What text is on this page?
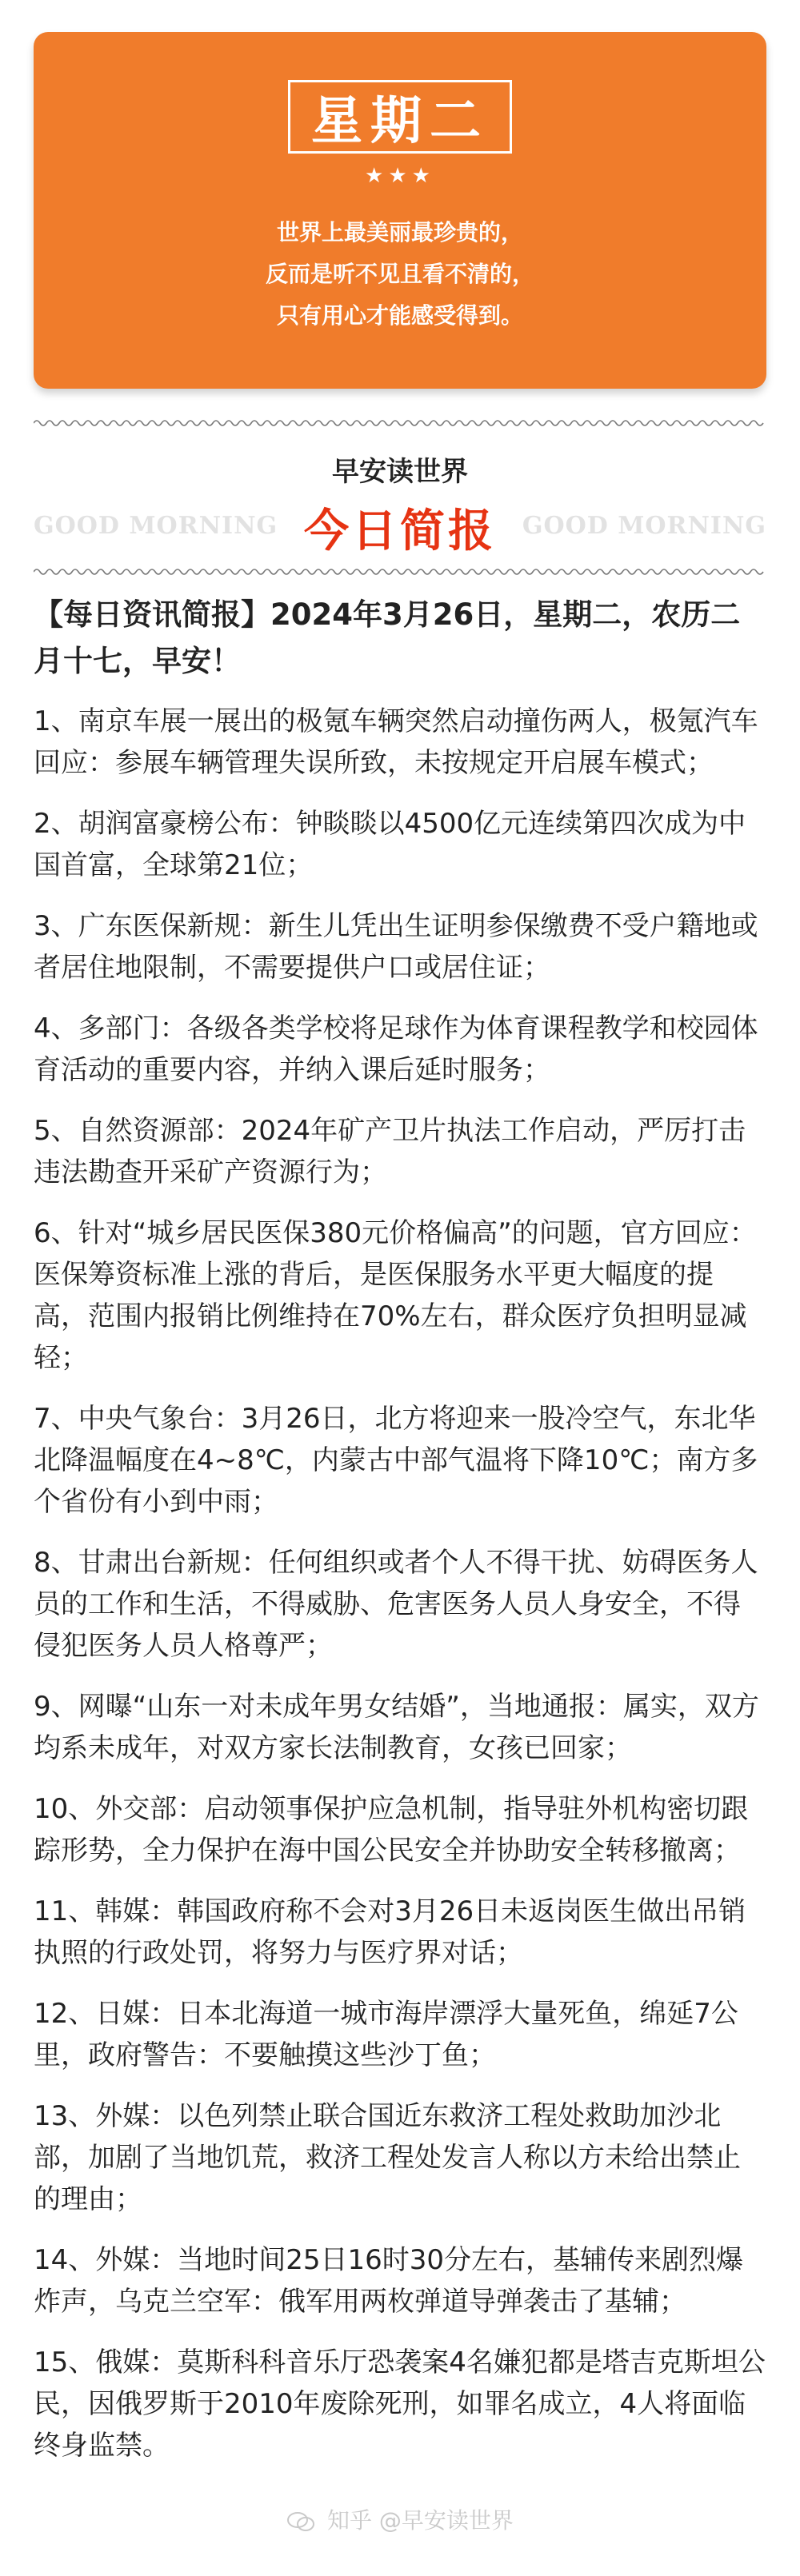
星期二
★★★
世界上最美丽最珍贵的，
反而是听不见且看不清的，
只有用心才能感受得到。
早安读世界
GOOD MORNING 今日简报	GOOD MORNING

【每日资讯简报】2024年3月26日，星期二，农历二月十七，早安！

1、南京车展一展出的极氪车辆突然启动撞伤两人，极氪汽车回应：参展车辆管理失误所致，未按规定开启展车模式；

2、胡润富豪榜公布：钟睒睒以4500亿元连续第四次成为中国首富，全球第21位；

3、广东医保新规：新生儿凭出生证明参保缴费不受户籍地或者居住地限制，不需要提供户口或居住证；

4、多部门：各级各类学校将足球作为体育课程教学和校园体育活动的重要内容，并纳入课后延时服务；

5、自然资源部：2024年矿产卫片执法工作启动，严厉打击违法勘查开采矿产资源行为；

6、针对“城乡居民医保380元价格偏高”的问题，官方回应：医保筹资标准上涨的背后，是医保服务水平更大幅度的提高，范围内报销比例维持在70%左右，群众医疗负担明显减轻；

7、中央气象台：3月26日，北方将迎来一股冷空气，东北华北降温幅度在4~8℃，内蒙古中部气温将下降10℃；南方多个省份有小到中雨；

8、甘肃出台新规：任何组织或者个人不得干扰、妨碍医务人员的工作和生活，不得威胁、危害医务人员人身安全，不得侵犯医务人员人格尊严；

9、网曝“山东一对未成年男女结婚”，当地通报：属实，双方均系未成年，对双方家长法制教育，女孩已回家；

10、外交部：启动领事保护应急机制，指导驻外机构密切跟踪形势，全力保护在海中国公民安全并协助安全转移撤离；

11、韩媒：韩国政府称不会对3月26日未返岗医生做出吊销执照的行政处罚，将努力与医疗界对话；

12、日媒：日本北海道一城市海岸漂浮大量死鱼，绵延7公里，政府警告：不要触摸这些沙丁鱼；

13、外媒：以色列禁止联合国近东救济工程处救助加沙北部，加剧了当地饥荒，救济工程处发言人称以方未给出禁止的理由；

14、外媒：当地时间25日16时30分左右，基辅传来剧烈爆炸声，乌克兰空军：俄军用两枚弹道导弹袭击了基辅；

15、俄媒：莫斯科科音乐厅恐袭案4名嫌犯都是塔吉克斯坦公民，因俄罗斯于2010年废除死刑，如罪名成立，4人将面临终身监禁。

知乎 @早安读世界
